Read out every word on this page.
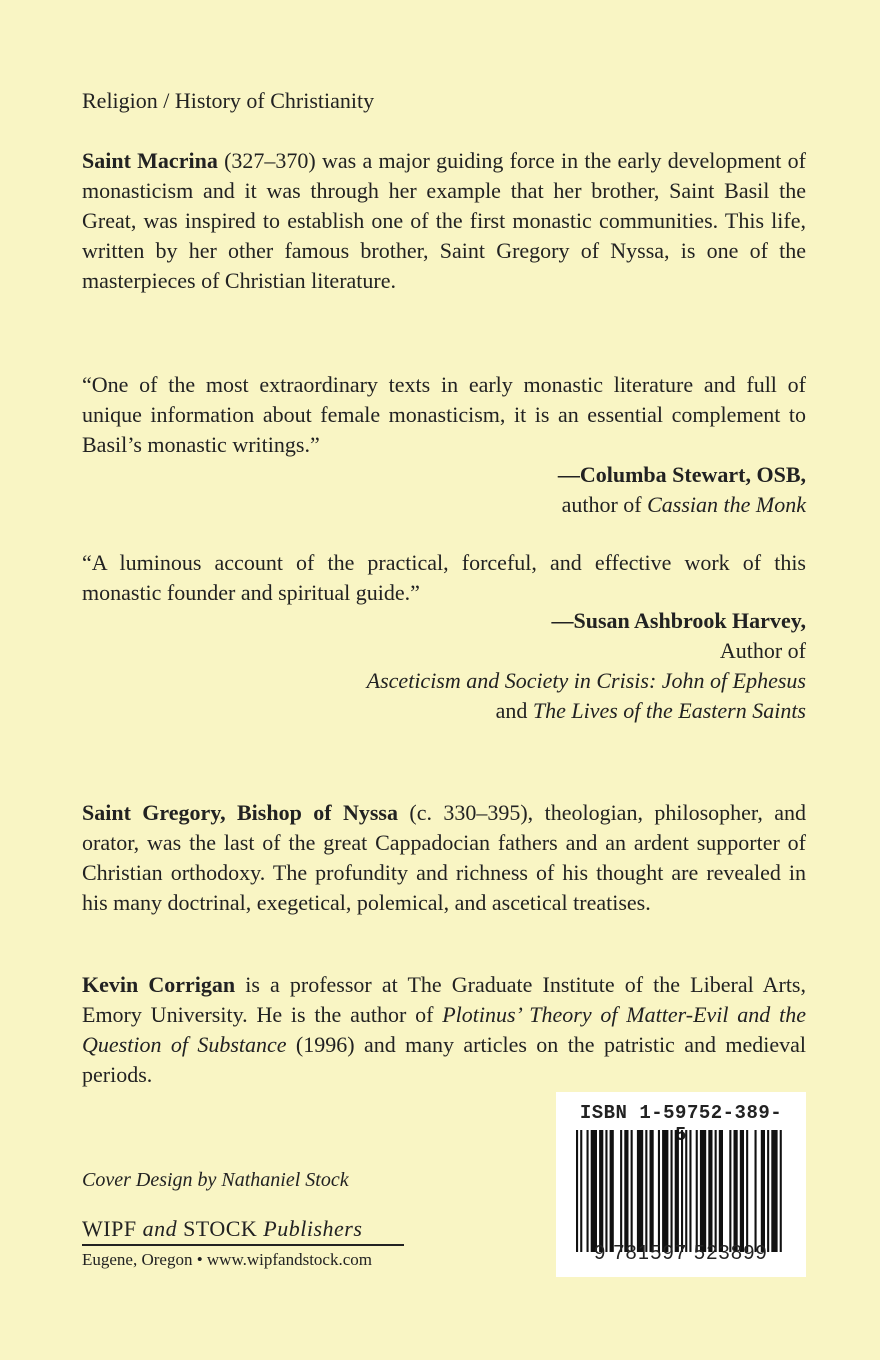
Religion / History of Christianity
Saint Macrina (327–370) was a major guiding force in the early development of monasticism and it was through her example that her brother, Saint Basil the Great, was inspired to establish one of the first monastic communities. This life, written by her other famous brother, Saint Gregory of Nyssa, is one of the masterpieces of Christian literature.
“One of the most extraordinary texts in early monastic literature and full of unique information about female monasticism, it is an essential complement to Basil’s monastic writings.”
—Columba Stewart, OSB,
author of Cassian the Monk
“A luminous account of the practical, forceful, and effective work of this monastic founder and spiritual guide.”
—Susan Ashbrook Harvey,
Author of
Asceticism and Society in Crisis: John of Ephesus
and The Lives of the Eastern Saints
Saint Gregory, Bishop of Nyssa (c. 330–395), theologian, philosopher, and orator, was the last of the great Cappadocian fathers and an ardent supporter of Christian orthodoxy. The profundity and richness of his thought are revealed in his many doctrinal, exegetical, polemical, and ascetical treatises.
Kevin Corrigan is a professor at The Graduate Institute of the Liberal Arts, Emory University. He is the author of Plotinus’ Theory of Matter-Evil and the Question of Substance (1996) and many articles on the patristic and medieval periods.
Cover Design by Nathaniel Stock
WIPF and STOCK Publishers
Eugene, Oregon • www.wipfandstock.com
ISBN 1-59752-389-
9 781597 523899
